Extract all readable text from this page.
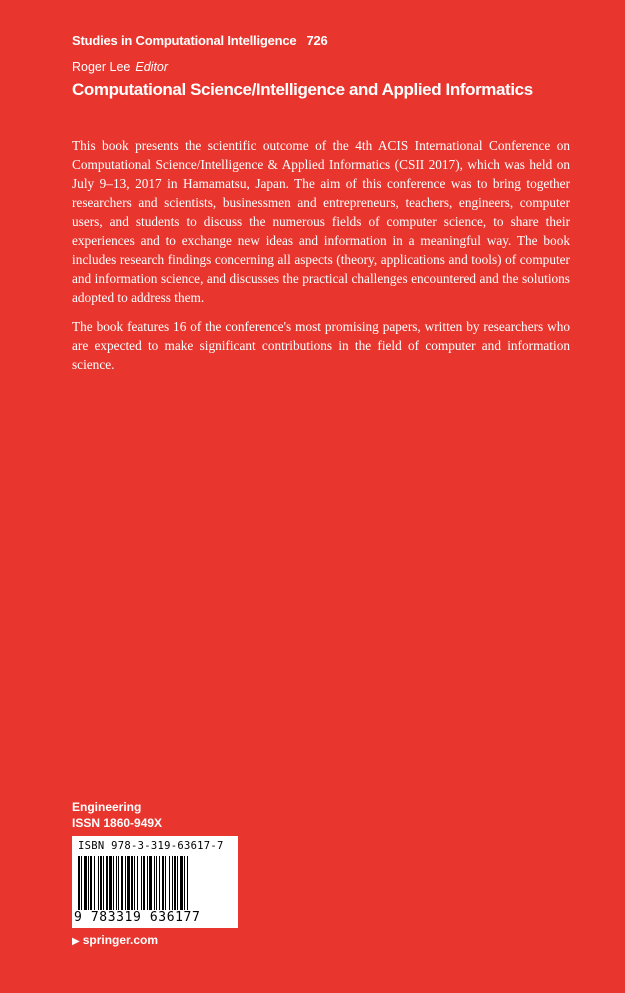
Studies in Computational Intelligence 726
Roger Lee Editor
Computational Science/Intelligence and Applied Informatics

This book presents the scientific outcome of the 4th ACIS International Conference on Computational Science/Intelligence & Applied Informatics (CSII 2017), which was held on July 9–13, 2017 in Hamamatsu, Japan. The aim of this conference was to bring together researchers and scientists, businessmen and entrepreneurs, teachers, engineers, computer users, and students to discuss the numerous fields of computer science, to share their experiences and to exchange new ideas and information in a meaningful way. The book includes research findings concerning all aspects (theory, applications and tools) of computer and information science, and discusses the practical challenges encountered and the solutions adopted to address them.

The book features 16 of the conference's most promising papers, written by researchers who are expected to make significant contributions in the field of computer and information science.

Engineering
ISSN 1860-949X
ISBN 978-3-319-63617-7
9 783319 636177
▶ springer.com
